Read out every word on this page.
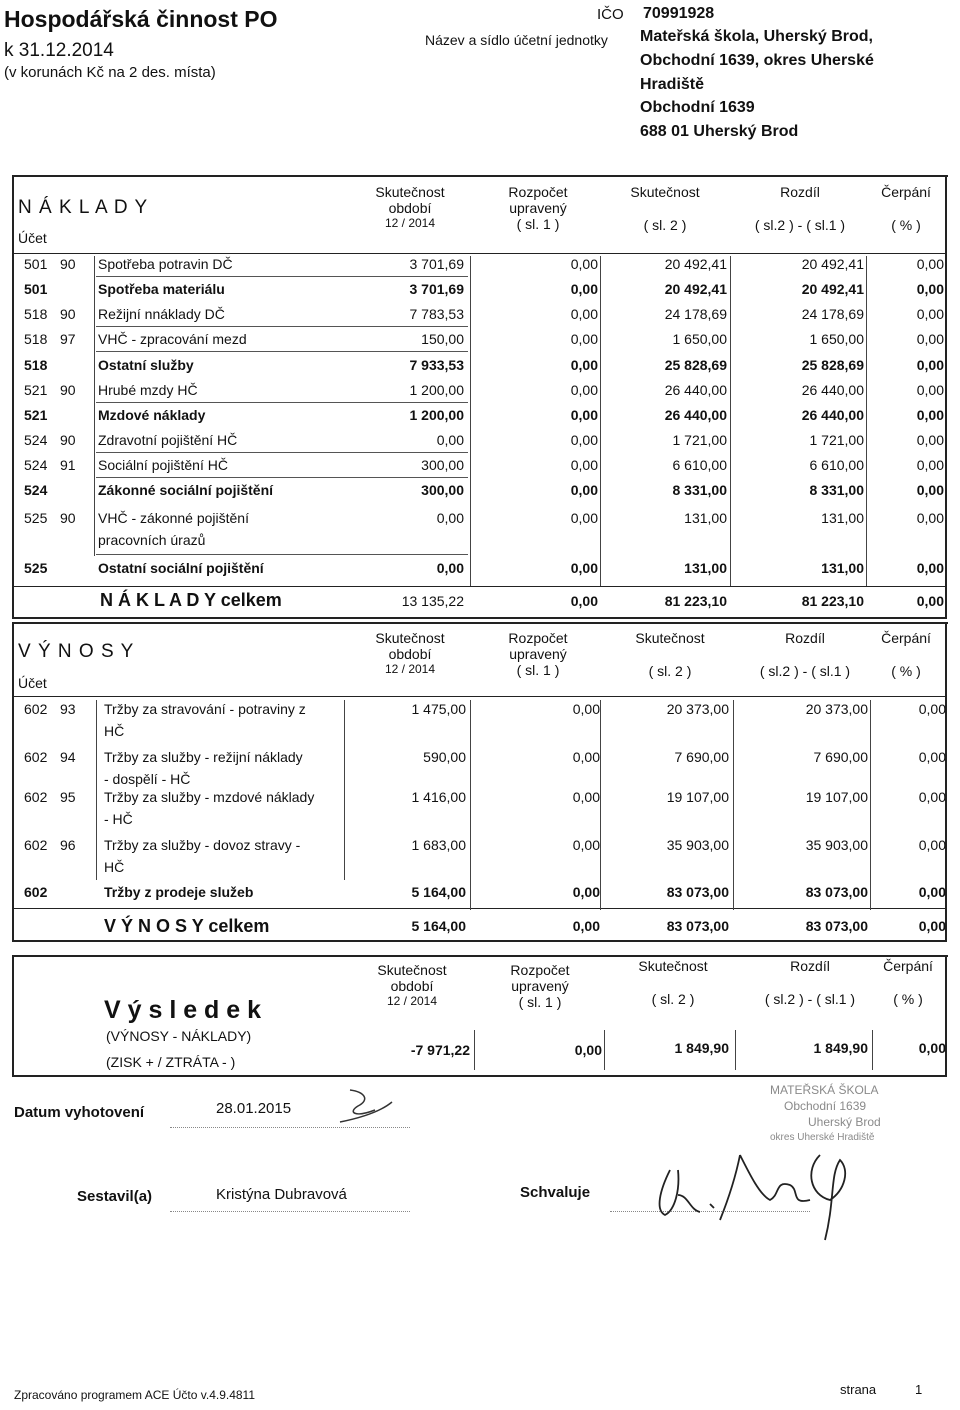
Hospodářská činnost PO
k 31.12.2014
(v korunách Kč na 2 des. místa)
IČO 70991928
Název a sídlo účetní jednotky Mateřská škola, Uherský Brod,
Obchodní 1639, okres Uherské
Hradiště
Obchodní 1639
688 01 Uherský Brod
N Á K L A D Y
Účet
Skutečnost
období
12 / 2014
Rozpočet
upravený
( sl. 1 )
Skutečnost
( sl. 2 )
Rozdíl
( sl.2 ) - ( sl.1 )
Čerpání
( % )
501 90 Spotřeba potravin DČ	3 701,69	0,00	20 492,41	20 492,41	0,00
501	Spotřeba materiálu	3 701,69	0,00	20 492,41	20 492,41	0,00
518 90 Režijní nnáklady DČ	7 783,53	0,00	24 178,69	24 178,69	0,00
518 97 VHČ - zpracování mezd	150,00	0,00	1 650,00	1 650,00	0,00
518	Ostatní služby	7 933,53	0,00	25 828,69	25 828,69	0,00
521 90 Hrubé mzdy HČ	1 200,00	0,00	26 440,00	26 440,00	0,00
521	Mzdové náklady	1 200,00	0,00	26 440,00	26 440,00	0,00
524 90 Zdravotní pojištění HČ	0,00	0,00	1 721,00	1 721,00	0,00
524 91 Sociální pojištění HČ	300,00	0,00	6 610,00	6 610,00	0,00
524	Zákonné sociální pojištění	300,00	0,00	8 331,00	8 331,00	0,00
525 90 VHČ - zákonné pojištění	0,00	0,00	131,00	131,00	0,00
pracovních úrazů
525	Ostatní sociální pojištění	0,00	0,00	131,00	131,00	0,00
N Á K L A D Y celkem	13 135,22	0,00	81 223,10	81 223,10	0,00
V Ý N O S Y
Účet
Skutečnost
období
12 / 2014
Rozpočet
upravený
( sl. 1 )
Skutečnost
( sl. 2 )
Rozdíl
( sl.2 ) - ( sl.1 )
Čerpání
( % )
602 93 Tržby za stravování - potraviny z	1 475,00	0,00	20 373,00	20 373,00	0,00
HČ
602 94 Tržby za služby - režijní náklady	590,00	0,00	7 690,00	7 690,00	0,00
- dospělí - HČ
602 95 Tržby za služby - mzdové náklady	1 416,00	0,00	19 107,00	19 107,00	0,00
- HČ
602 96 Tržby za služby - dovoz stravy -	1 683,00	0,00	35 903,00	35 903,00	0,00
HČ
602	Tržby z prodeje služeb	5 164,00	0,00	83 073,00	83 073,00	0,00
V Ý N O S Y celkem	5 164,00	0,00	83 073,00	83 073,00	0,00
Skutečnost
období
12 / 2014
Rozpočet
upravený
( sl. 1 )
Skutečnost
( sl. 2 )
Rozdíl
( sl.2 ) - ( sl.1 )
Čerpání
( % )
V ý s l e d e k
(VÝNOSY - NÁKLADY)
(ZISK + / ZTRÁTA - )
-7 971,22	0,00	1 849,90	1 849,90	0,00
Datum vyhotovení	28.01.2015
MATEŘSKÁ ŠKOLA
Obchodní 1639
Uherský Brod
okres Uherské Hradiště
Sestavil(a)	Kristýna Dubravová	Schvaluje
Zpracováno programem ACE Účto v.4.9.4811	strana	1
